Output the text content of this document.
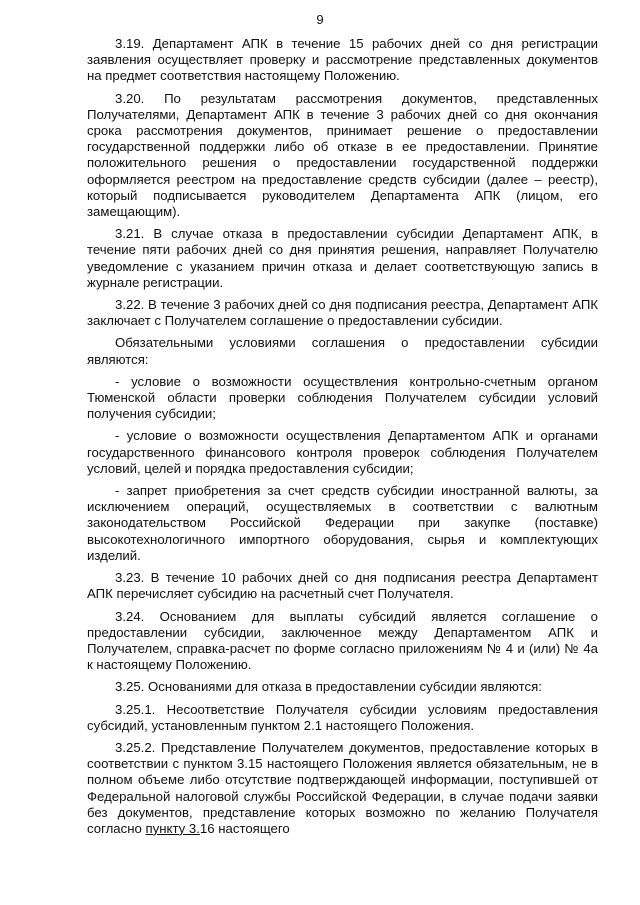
9

3.19. Департамент АПК в течение 15 рабочих дней со дня регистрации заявления осуществляет проверку и рассмотрение представленных документов на предмет соответствия настоящему Положению.

3.20. По результатам рассмотрения документов, представленных Получателями, Департамент АПК в течение 3 рабочих дней со дня окончания срока рассмотрения документов, принимает решение о предоставлении государственной поддержки либо об отказе в ее предоставлении. Принятие положительного решения о предоставлении государственной поддержки оформляется реестром на предоставление средств субсидии (далее – реестр), который подписывается руководителем Департамента АПК (лицом, его замещающим).

3.21. В случае отказа в предоставлении субсидии Департамент АПК, в течение пяти рабочих дней со дня принятия решения, направляет Получателю уведомление с указанием причин отказа и делает соответствующую запись в журнале регистрации.

3.22. В течение 3 рабочих дней со дня подписания реестра, Департамент АПК заключает с Получателем соглашение о предоставлении субсидии.

Обязательными условиями соглашения о предоставлении субсидии являются:

- условие о возможности осуществления контрольно-счетным органом Тюменской области проверки соблюдения Получателем субсидии условий получения субсидии;

- условие о возможности осуществления Департаментом АПК и органами государственного финансового контроля проверок соблюдения Получателем условий, целей и порядка предоставления субсидии;

- запрет приобретения за счет средств субсидии иностранной валюты, за исключением операций, осуществляемых в соответствии с валютным законодательством Российской Федерации при закупке (поставке) высокотехнологичного импортного оборудования, сырья и комплектующих изделий.

3.23. В течение 10 рабочих дней со дня подписания реестра Департамент АПК перечисляет субсидию на расчетный счет Получателя.

3.24. Основанием для выплаты субсидий является соглашение о предоставлении субсидии, заключенное между Департаментом АПК и Получателем, справка-расчет по форме согласно приложениям № 4 и (или) № 4а к настоящему Положению.

3.25. Основаниями для отказа в предоставлении субсидии являются:

3.25.1. Несоответствие Получателя субсидии условиям предоставления субсидий, установленным пунктом 2.1 настоящего Положения.

3.25.2. Представление Получателем документов, предоставление которых в соответствии с пунктом 3.15 настоящего Положения является обязательным, не в полном объеме либо отсутствие подтверждающей информации, поступившей от Федеральной налоговой службы Российской Федерации, в случае подачи заявки без документов, представление которых возможно по желанию Получателя согласно пункту 3.16 настоящего
